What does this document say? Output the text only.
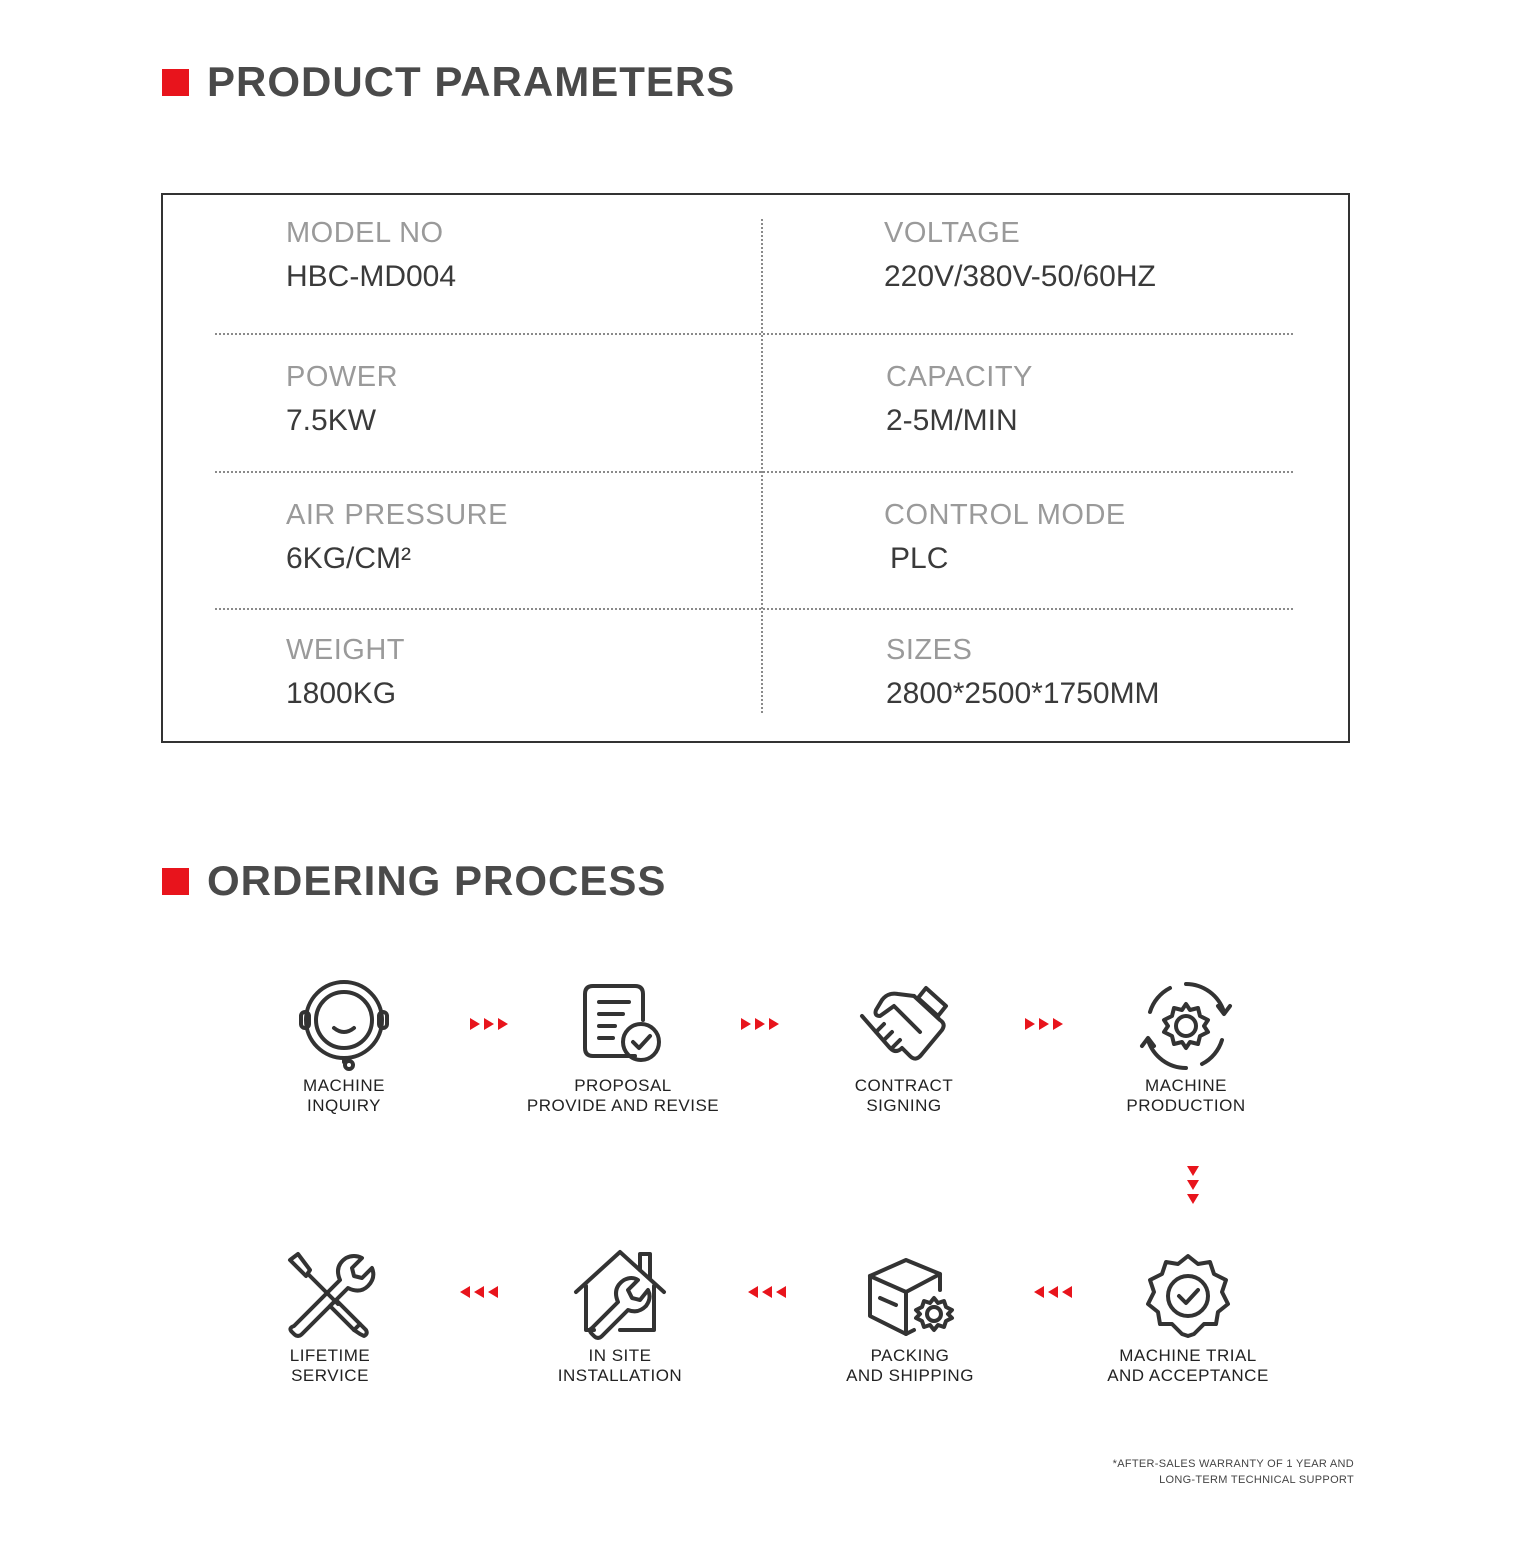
PRODUCT PARAMETERS
MODEL NO
HBC-MD004
VOLTAGE
220V/380V-50/60HZ
POWER
7.5KW
CAPACITY
2-5M/MIN
AIR PRESSURE
6KG/CM²
CONTROL MODE
PLC
WEIGHT
1800KG
SIZES
2800*2500*1750MM
ORDERING PROCESS
MACHINE
INQUIRY
PROPOSAL
PROVIDE AND REVISE
CONTRACT
SIGNING
MACHINE
PRODUCTION
MACHINE TRIAL
AND ACCEPTANCE
PACKING
AND SHIPPING
IN SITE
INSTALLATION
LIFETIME
SERVICE
*AFTER-SALES WARRANTY OF 1 YEAR AND
LONG-TERM TECHNICAL SUPPORT
